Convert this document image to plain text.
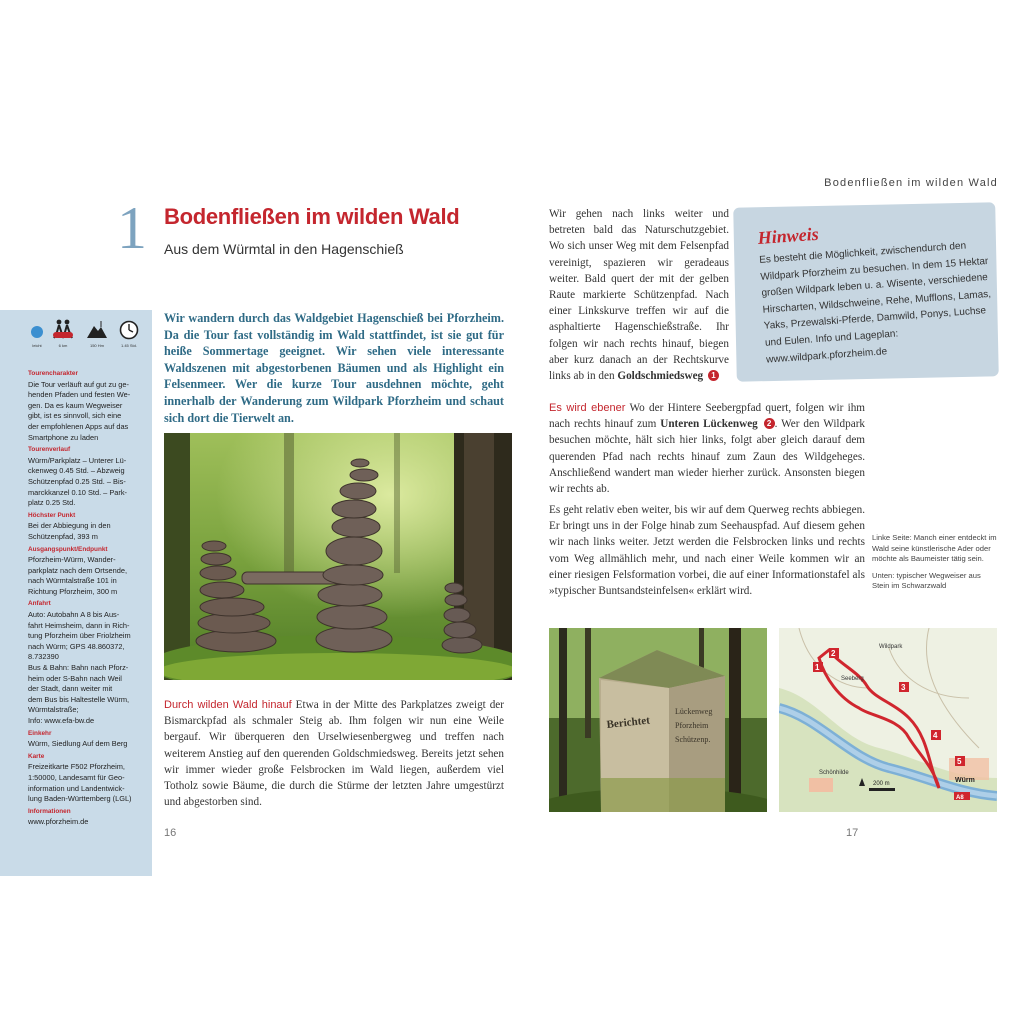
Bodenfließen im wilden Wald
1 Bodenfließen im wilden Wald
Aus dem Würmtal in den Hagenschieß
leicht	6 km	150 Hm	1.45 Std.
Tourencharakter
Die Tour verläuft auf gut zu ge-
henden Pfaden und festen We-
gen. Da es kaum Wegweiser
gibt, ist es sinnvoll, sich eine
der empfohlenen Apps auf das
Smartphone zu laden
Tourenverlauf
Würm/Parkplatz – Unterer Lü-
ckenweg 0.45 Std. – Abzweig
Schützenpfad 0.25 Std. – Bis-
marckkanzel 0.10 Std. – Park-
platz 0.25 Std.
Höchster Punkt
Bei der Abbiegung in den
Schützenpfad, 393 m
Ausgangspunkt/Endpunkt
Pforzheim-Würm, Wander-
parkplatz nach dem Ortsende,
nach Würmtalstraße 101 in
Richtung Pforzheim, 300 m
Anfahrt
Auto: Autobahn A 8 bis Aus-
fahrt Heimsheim, dann in Rich-
tung Pforzheim über Friolzheim
nach Würm; GPS 48.860372,
8.732390
Bus & Bahn: Bahn nach Pforz-
heim oder S-Bahn nach Weil
der Stadt, dann weiter mit
dem Bus bis Haltestelle Würm,
Würmtalstraße;
Info: www.efa-bw.de
Einkehr
Würm, Siedlung Auf dem Berg
Karte
Freizeitkarte F502 Pforzheim,
1:50000, Landesamt für Geo-
information und Landentwick-
lung Baden-Württemberg (LGL)
Informationen
www.pforzheim.de
Wir wandern durch das Waldgebiet Hagenschieß bei Pforzheim. Da die Tour fast vollständig im Wald stattfindet, ist sie gut für heiße Sommertage geeignet. Wir sehen viele interessante Waldszenen mit abgestorbenen Bäumen und als Highlight ein Felsenmeer. Wer die kurze Tour ausdehnen möchte, geht innerhalb der Wanderung zum Wildpark Pforzheim und schaut sich dort die Tierwelt an.
Durch wilden Wald hinauf Etwa in der Mitte des Parkplatzes zweigt der Bismarckpfad als schmaler Steig ab. Ihm folgen wir nun eine Weile bergauf. Wir überqueren den Urselwiesenbergweg und treffen nach weiterem Anstieg auf den querenden Goldschmiedsweg. Bereits jetzt sehen wir immer wieder große Felsbrocken im Wald liegen, außerdem viel Totholz sowie Bäume, die durch die Stürme der letzten Jahre umgestürzt und abgestorben sind.
Wir gehen nach links weiter und betreten bald das Naturschutzgebiet. Wo sich unser Weg mit dem Felsenpfad vereinigt, spazieren wir geradeaus weiter. Bald quert der mit der gelben Raute markierte Schützenpfad. Nach einer Linkskurve treffen wir auf die asphaltierte Hagenschießstraße. Ihr folgen wir nach rechts hinauf, biegen aber kurz danach an der Rechtskurve links ab in den Goldschmiedsweg 1
Hinweis
Es besteht die Möglichkeit, zwischendurch den Wildpark Pforzheim zu besuchen. In dem 15 Hektar großen Wildpark leben u. a. Wisente, verschiedene Hirscharten, Wildschweine, Rehe, Mufflons, Lamas, Yaks, Przewalski-Pferde, Damwild, Ponys, Luchse und Eulen. Info und Lageplan: www.wildpark.pforzheim.de
Es wird ebener Wo der Hintere Seebergpfad quert, folgen wir ihm nach rechts hinauf zum Unteren Lückenweg 2 . Wer den Wildpark besuchen möchte, hält sich hier links, folgt aber gleich darauf dem querenden Pfad nach rechts hinauf zum Zaun des Wildgeheges. Anschließend wandert man wieder hierher zurück. Ansonsten biegen wir rechts ab.
Es geht relativ eben weiter, bis wir auf dem Querweg rechts abbiegen. Er bringt uns in der Folge hinab zum Seehauspfad. Auf diesem gehen wir nach links weiter. Jetzt werden die Felsbrocken links und rechts vom Weg allmählich mehr, und nach einer Weile kommen wir an einer riesigen Felsformation vorbei, die auf einer Informationstafel als »typischer Buntsandsteinfelsen« erklärt wird.
Linke Seite: Manch einer entdeckt im Wald seine künstlerische Ader oder möchte als Baumeister tätig sein.
Unten: typischer Wegweiser aus Stein im Schwarzwald
Berichtet
Lückenweg
Pforzheim
Schützenp.
1
2
3
4
5
Wildpark
Seeberg
Schönhilde
Würm
A8
200 m
16	17
